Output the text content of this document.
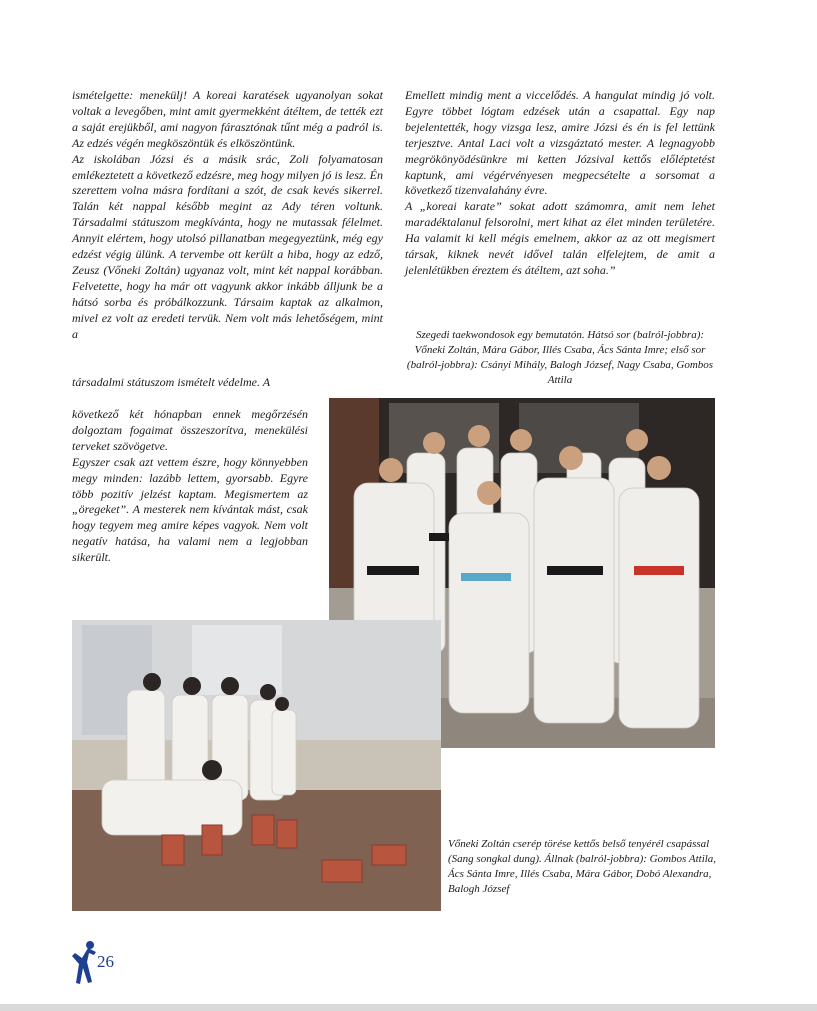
ismételgette: menekülj! A koreai karatések ugyanolyan sokat voltak a levegőben, mint amit gyermekként átéltem, de tették ezt a saját erejükből, ami nagyon fárasztónak tűnt még a padról is. Az edzés végén megköszöntük és elköszöntünk.

Az iskolában Józsi és a másik srác, Zoli folyamatosan emlékeztetett a következő edzésre, meg hogy milyen jó is lesz. Én szerettem volna másra fordítani a szót, de csak kevés sikerrel. Talán két nappal később megint az Ady téren voltunk. Társadalmi státuszom megkívánta, hogy ne mutassak félelmet. Annyit elértem, hogy utolsó pillanatban megegyeztünk, még egy edzést végig ülünk. A tervembe ott került a hiba, hogy az edző, Zeusz (Vőneki Zoltán) ugyanaz volt, mint két nappal korábban. Felvetette, hogy ha már ott vagyunk akkor inkább álljunk be a hátsó sorba és próbálkozzunk. Társaim kaptak az alkalmon, mivel ez volt az eredeti tervük. Nem volt más lehetőségem, mint a

társadalmi státuszom ismételt védelme. A

következő két hónapban ennek megőrzésén dolgoztam fogaimat összeszorítva, menekülési terveket szövögetve.

Egyszer csak azt vettem észre, hogy könnyebben megy minden: lazább lettem, gyorsabb. Egyre több pozitív jelzést kaptam. Megismertem az „öregeket”. A mesterek nem kívántak mást, csak hogy tegyem meg amire képes vagyok. Nem volt negatív hatása, ha valami nem a legjobban sikerült.

Emellett mindig ment a viccelődés. A hangulat mindig jó volt. Egyre többet lógtam edzések után a csapattal. Egy nap bejelentették, hogy vizsga lesz, amire Józsi és én is fel lettünk terjesztve. Antal Laci volt a vizsgáztató mester. A legnagyobb megrökönyödésünkre mi ketten Józsival kettős előléptetést kaptunk, ami végérvényesen megpecsételte a sorsomat a következő tizenvalahány évre.

A „koreai karate” sokat adott számomra, amit nem lehet maradéktalanul felsorolni, mert kihat az élet minden területére. Ha valamit ki kell mégis emelnem, akkor az az ott megismert társak, kiknek nevét idővel talán elfelejtem, de amit a jelenlétükben éreztem és átéltem, azt soha.”

Szegedi taekwondosok egy bemutatón. Hátsó sor (balról-jobbra): Vőneki Zoltán, Mára Gábor, Illés Csaba, Ács Sánta Imre; első sor (balról-jobbra): Csányi Mihály, Balogh József, Nagy Csaba, Gombos Attila

Vőneki Zoltán cserép törése kettős belső tenyérél csapással (Sang songkal dung). Állnak (balról-jobbra): Gombos Attila, Ács Sánta Imre, Illés Csaba, Mára Gábor, Dobó Alexandra, Balogh József

26
